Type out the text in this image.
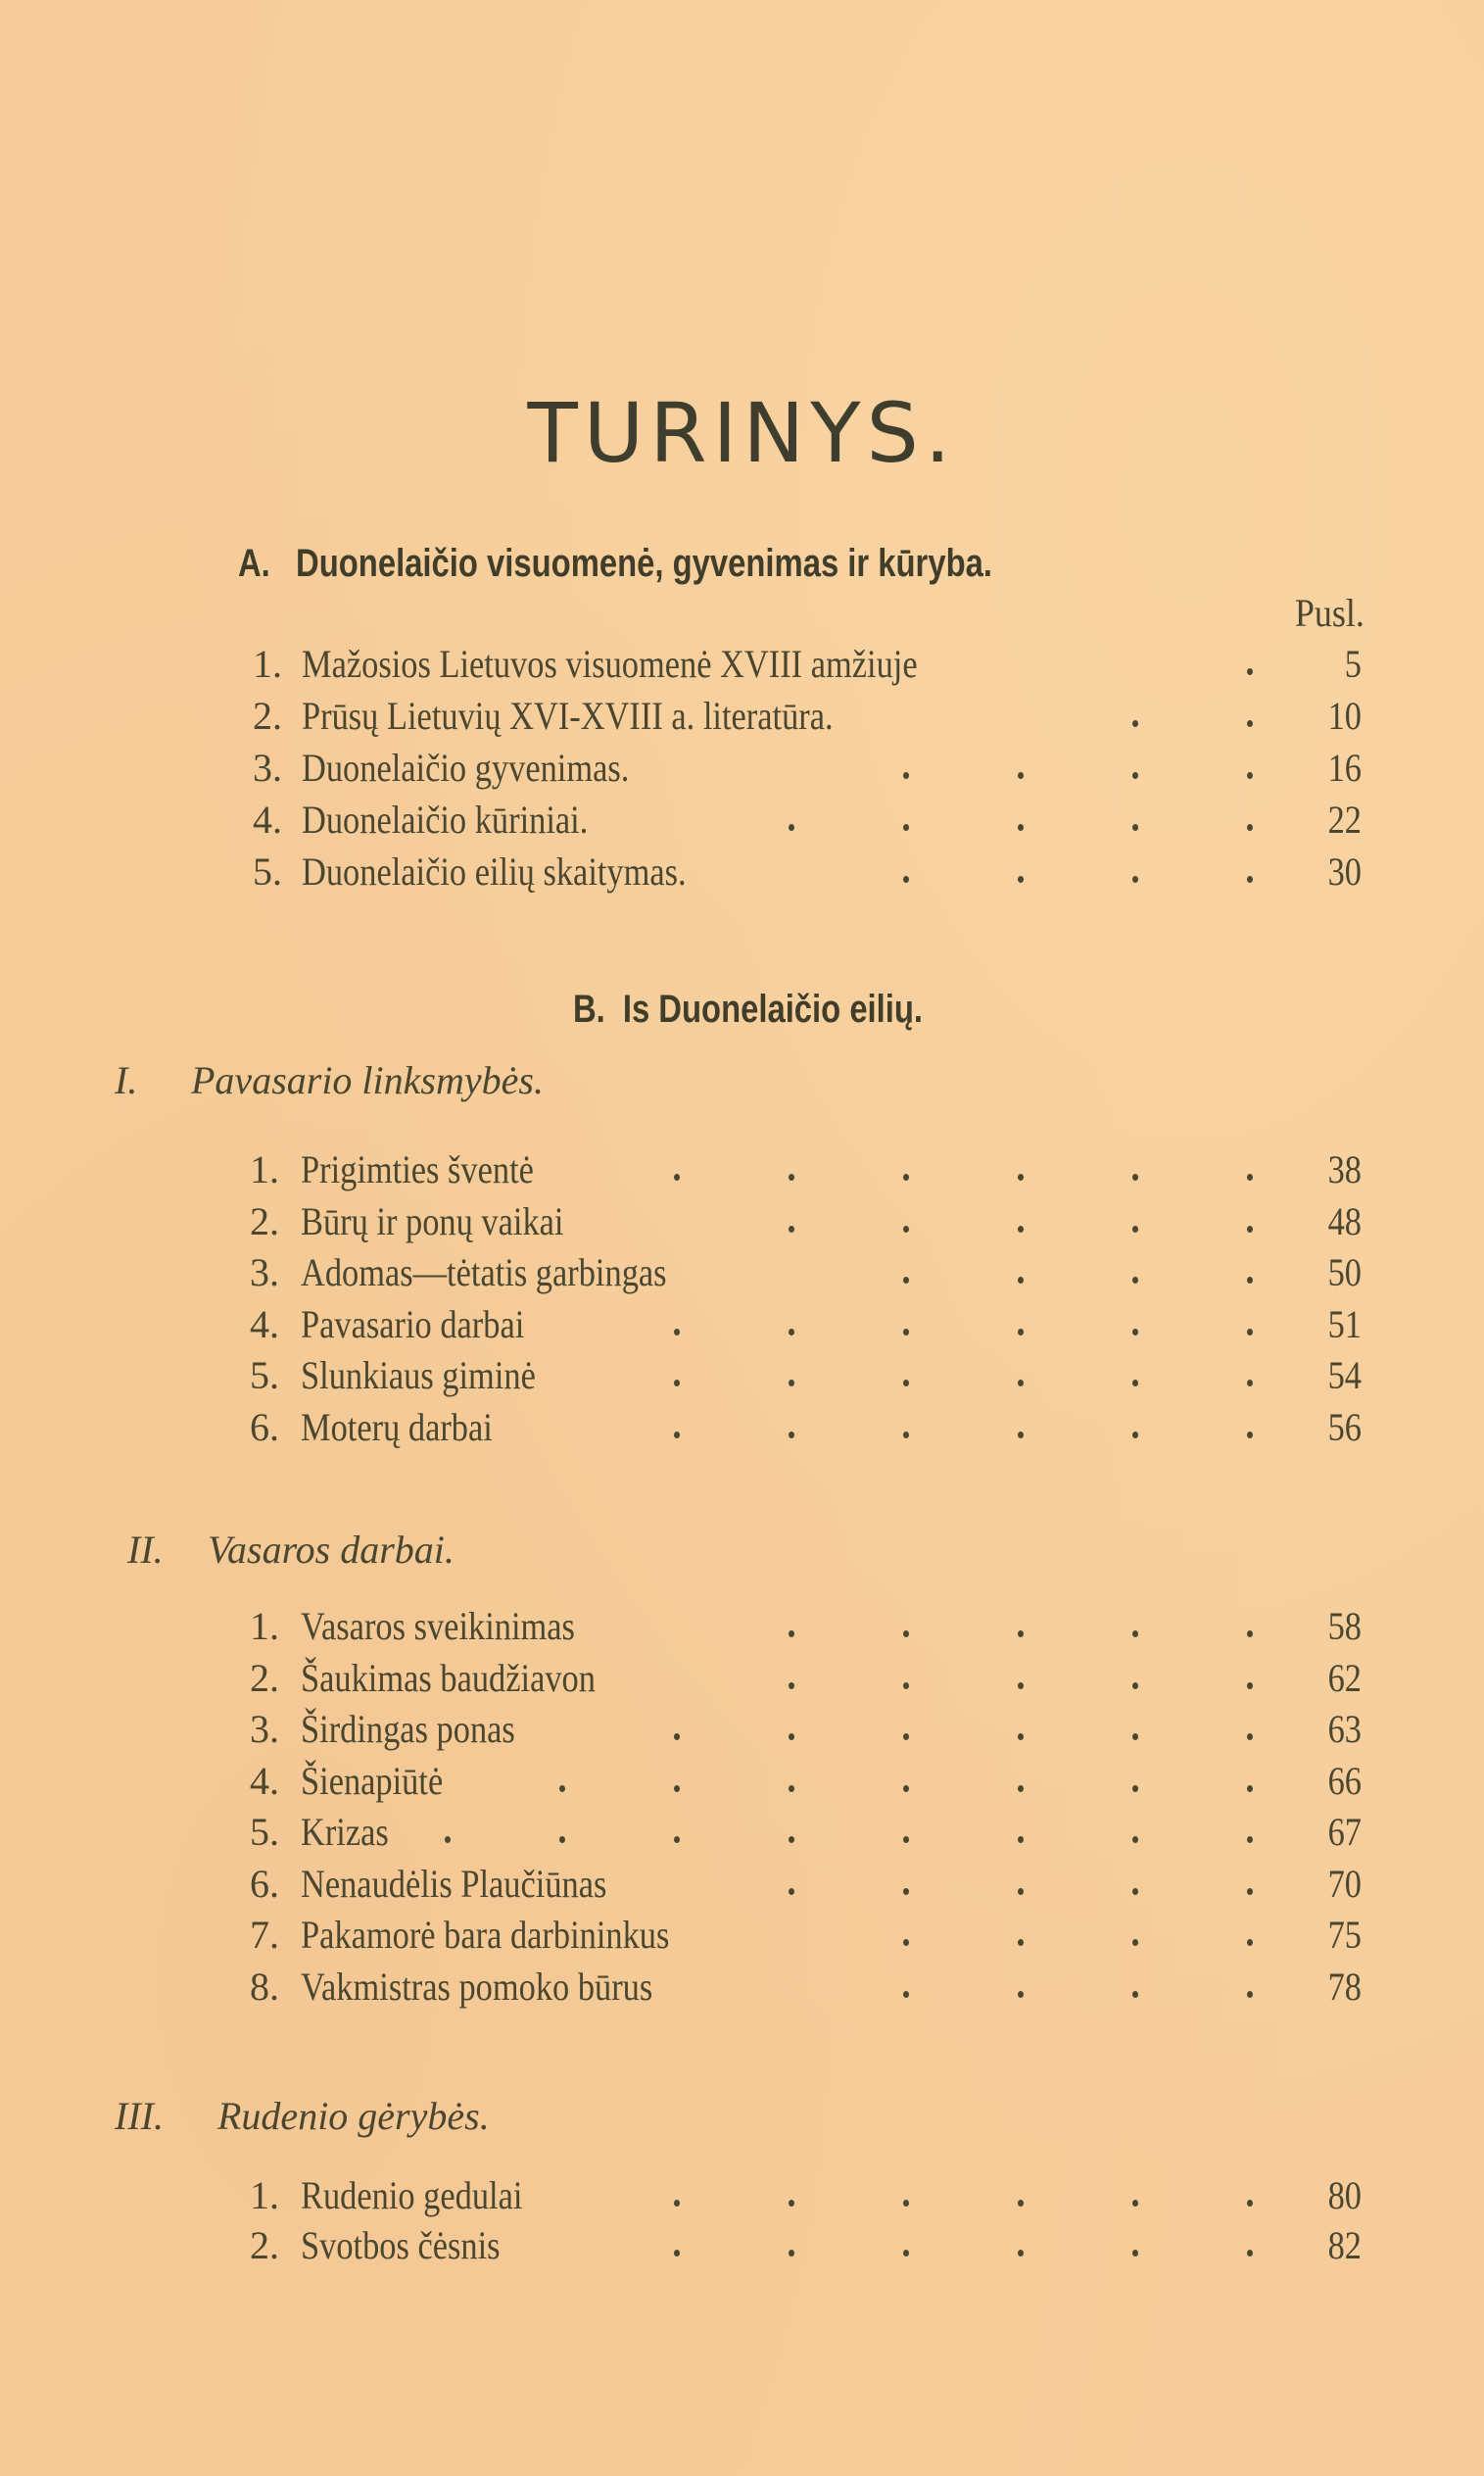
TURINYS.
A. Duonelaičio visuomenė, gyvenimas ir kūryba.
Pusl.
1. Mažosios Lietuvos visuomenė XVIII amžiuje	5
2. Prūsų Lietuvių XVI-XVIII a. literatūra.	10
3. Duonelaičio gyvenimas.	16
4. Duonelaičio kūriniai.	22
5. Duonelaičio eilių skaitymas.	30
B. Is Duonelaičio eilių.
I. Pavasario linksmybės.
1. Prigimties šventė	38
2. Būrų ir ponų vaikai	48
3. Adomas—tėtatis garbingas	50
4. Pavasario darbai	51
5. Slunkiaus giminė	54
6. Moterų darbai	56
II. Vasaros darbai.
1. Vasaros sveikinimas	58
2. Šaukimas baudžiavon	62
3. Širdingas ponas	63
4. Šienapiūtė	66
5. Krizas	67
6. Nenaudėlis Plaučiūnas	70
7. Pakamorė bara darbininkus	75
8. Vakmistras pomoko būrus	78
III. Rudenio gėrybės.
1. Rudenio gedulai	80
2. Svotbos čėsnis	82
